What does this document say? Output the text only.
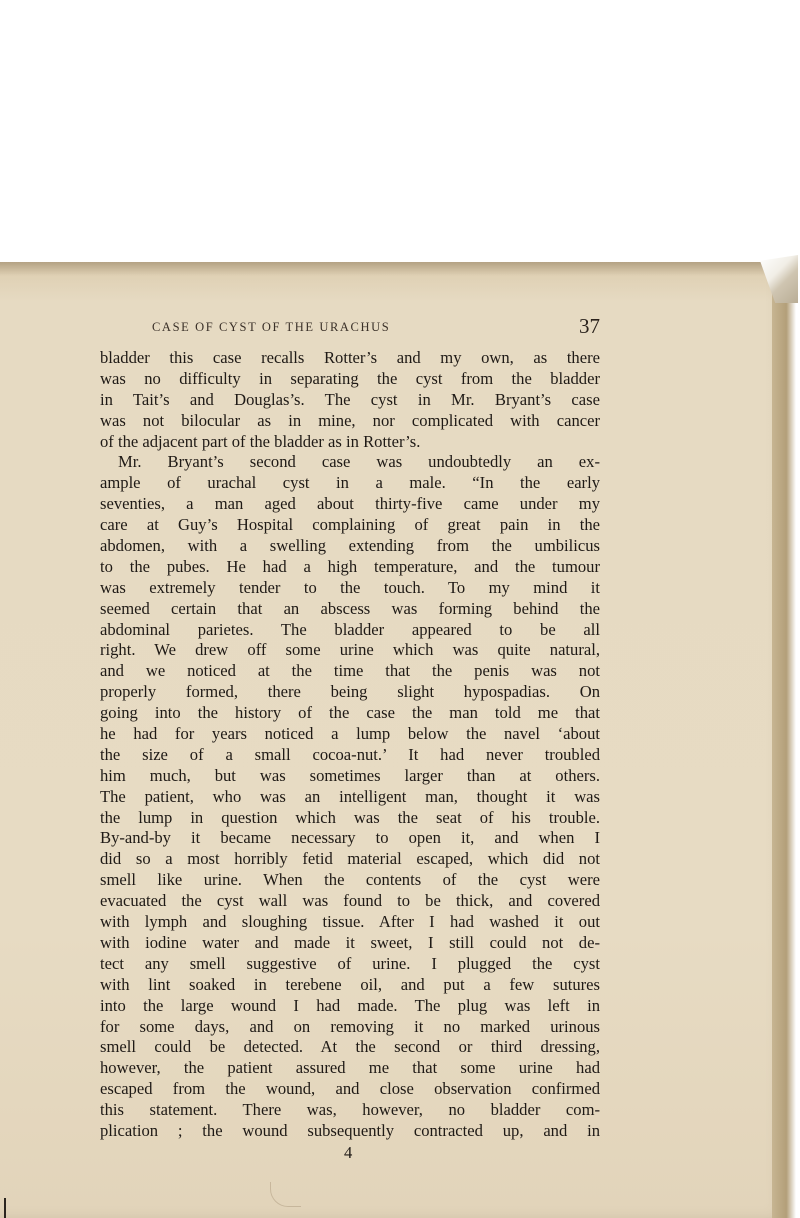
CASE OF CYST OF THE URACHUS	37
bladder this case recalls Rotter’s and my own, as there
was no difficulty in separating the cyst from the bladder
in Tait’s and Douglas’s. The cyst in Mr. Bryant’s case
was not bilocular as in mine, nor complicated with cancer
of the adjacent part of the bladder as in Rotter’s.
Mr. Bryant’s second case was undoubtedly an ex-
ample of urachal cyst in a male. “In the early
seventies, a man aged about thirty-five came under my
care at Guy’s Hospital complaining of great pain in the
abdomen, with a swelling extending from the umbilicus
to the pubes. He had a high temperature, and the tumour
was extremely tender to the touch. To my mind it
seemed certain that an abscess was forming behind the
abdominal parietes. The bladder appeared to be all
right. We drew off some urine which was quite natural,
and we noticed at the time that the penis was not
properly formed, there being slight hypospadias. On
going into the history of the case the man told me that
he had for years noticed a lump below the navel ‘about
the size of a small cocoa-nut.’ It had never troubled
him much, but was sometimes larger than at others.
The patient, who was an intelligent man, thought it was
the lump in question which was the seat of his trouble.
By-and-by it became necessary to open it, and when I
did so a most horribly fetid material escaped, which did not
smell like urine. When the contents of the cyst were
evacuated the cyst wall was found to be thick, and covered
with lymph and sloughing tissue. After I had washed it out
with iodine water and made it sweet, I still could not de-
tect any smell suggestive of urine. I plugged the cyst
with lint soaked in terebene oil, and put a few sutures
into the large wound I had made. The plug was left in
for some days, and on removing it no marked urinous
smell could be detected. At the second or third dressing,
however, the patient assured me that some urine had
escaped from the wound, and close observation confirmed
this statement. There was, however, no bladder com-
plication ; the wound subsequently contracted up, and in
4
